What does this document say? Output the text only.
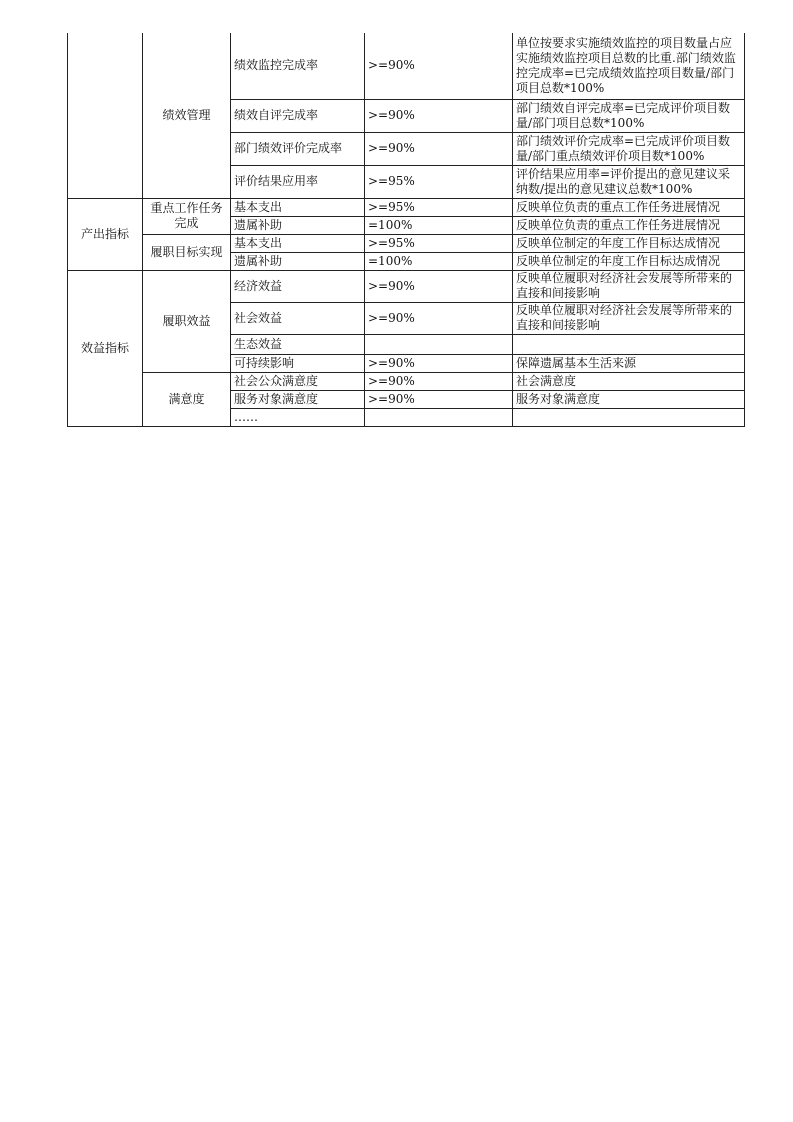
	绩效管理	绩效监控完成率	>=90%	单位按要求实施绩效监控的项目数量占应实施绩效监控项目总数的比重.部门绩效监控完成率=已完成绩效监控项目数量/部门项目总数*100%
		绩效自评完成率	>=90%	部门绩效自评完成率=已完成评价项目数量/部门项目总数*100%
		部门绩效评价完成率	>=90%	部门绩效评价完成率=已完成评价项目数量/部门重点绩效评价项目数*100%
		评价结果应用率	>=95%	评价结果应用率=评价提出的意见建议采纳数/提出的意见建议总数*100%
产出指标	重点工作任务完成	基本支出	>=95%	反映单位负责的重点工作任务进展情况
		遗属补助	=100%	反映单位负责的重点工作任务进展情况
	履职目标实现	基本支出	>=95%	反映单位制定的年度工作目标达成情况
		遗属补助	=100%	反映单位制定的年度工作目标达成情况
效益指标	履职效益	经济效益	>=90%	反映单位履职对经济社会发展等所带来的直接和间接影响
		社会效益	>=90%	反映单位履职对经济社会发展等所带来的直接和间接影响
		生态效益		
		可持续影响	>=90%	保障遗属基本生活来源
	满意度	社会公众满意度	>=90%	社会满意度
		服务对象满意度	>=90%	服务对象满意度
		……		
